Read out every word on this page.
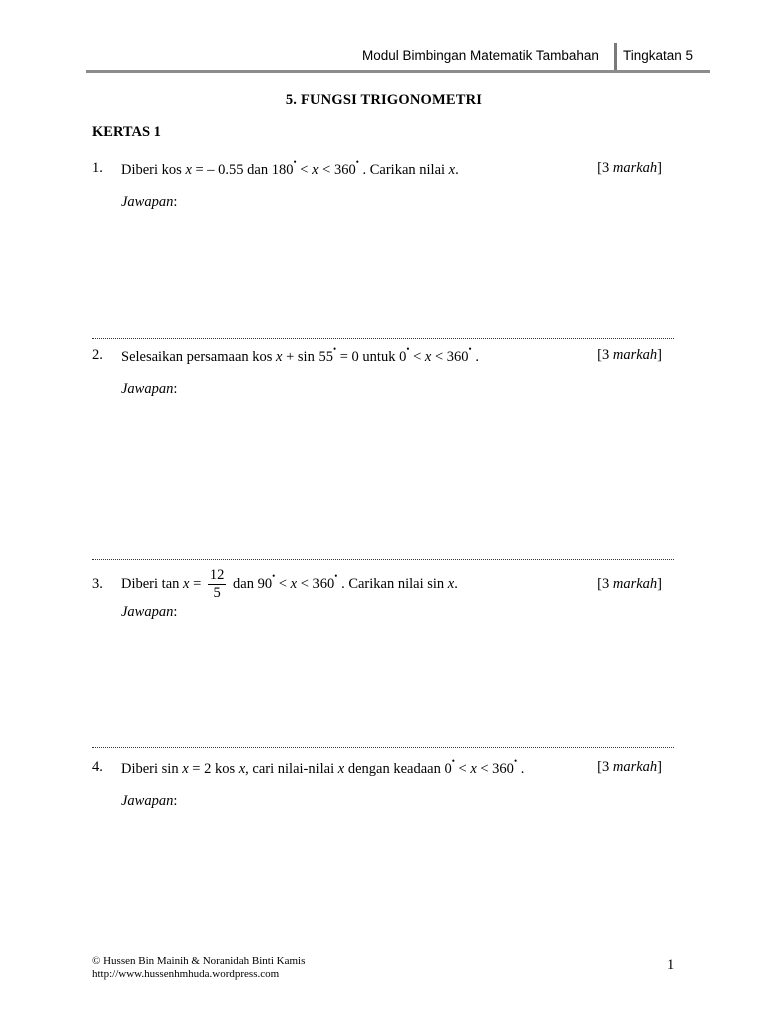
Modul Bimbingan Matematik Tambahan Tingkatan 5
5. FUNGSI TRIGONOMETRI
KERTAS 1
1. Diberi kos x = – 0.55 dan 180• < x < 360• . Carikan nilai x.	[3 markah]
Jawapan:
2. Selesaikan persamaan kos x + sin 55• = 0 untuk 0• < x < 360• .	[3 markah]
Jawapan:
3. Diberi $\tan x = \frac{12}{5}$ dan 90• < x < 360• . Carikan nilai sin x.	[3 markah]
Jawapan:
4. Diberi sin x = 2 kos x, cari nilai-nilai x dengan keadaan 0• < x < 360• .	[3 markah]
Jawapan:
© Hussen Bin Mainih & Noranidah Binti Kamis
http://www.hussenhmhuda.wordpress.com
1
